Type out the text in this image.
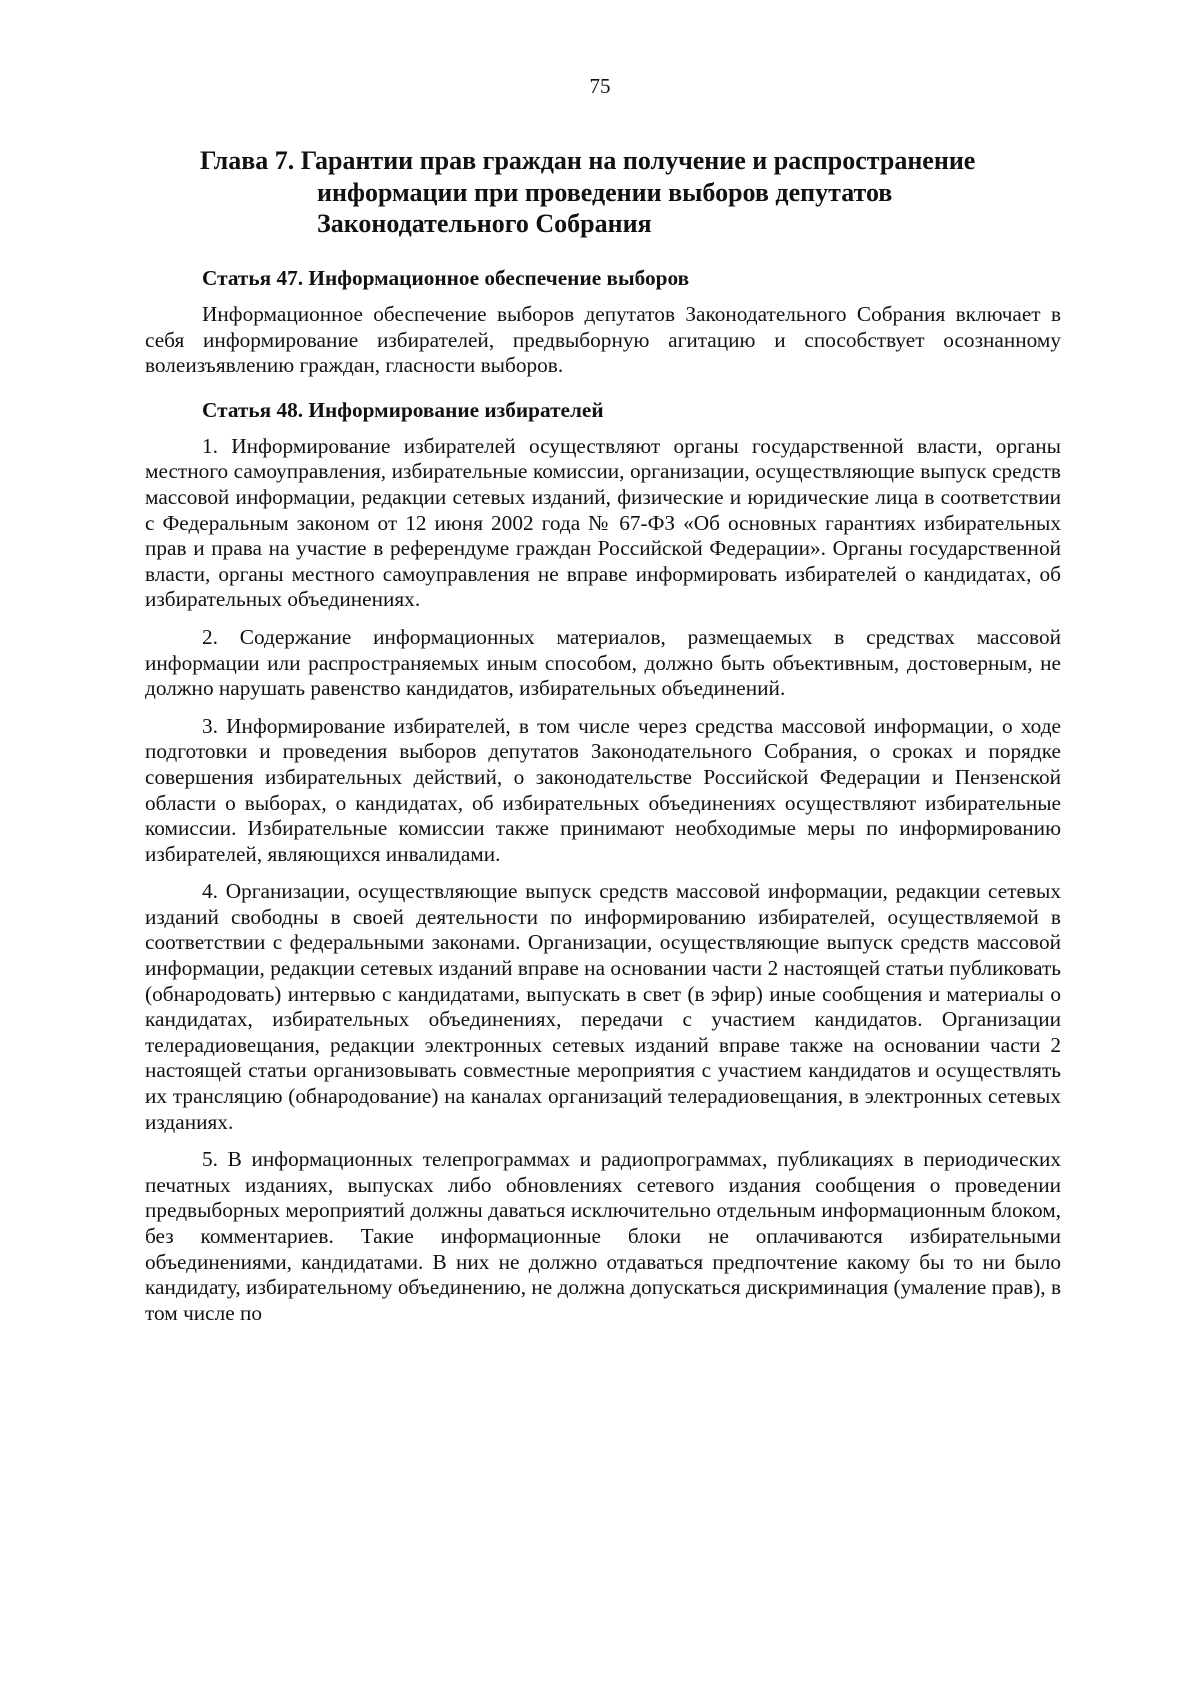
75
Глава 7. Гарантии прав граждан на получение и распространение
информации при проведении выборов депутатов
Законодательного Собрания

Статья 47. Информационное обеспечение выборов

Информационное обеспечение выборов депутатов Законодательного Собрания включает в себя информирование избирателей, предвыборную агитацию и способствует осознанному волеизъявлению граждан, гласности выборов.

Статья 48. Информирование избирателей

1. Информирование избирателей осуществляют органы государственной власти, органы местного самоуправления, избирательные комиссии, организации, осуществляющие выпуск средств массовой информации, редакции сетевых изданий, физические и юридические лица в соответствии с Федеральным законом от 12 июня 2002 года № 67-ФЗ «Об основных гарантиях избирательных прав и права на участие в референдуме граждан Российской Федерации». Органы государственной власти, органы местного самоуправления не вправе информировать избирателей о кандидатах, об избирательных объединениях.

2. Содержание информационных материалов, размещаемых в средствах массовой информации или распространяемых иным способом, должно быть объективным, достоверным, не должно нарушать равенство кандидатов, избирательных объединений.

3. Информирование избирателей, в том числе через средства массовой информации, о ходе подготовки и проведения выборов депутатов Законодательного Собрания, о сроках и порядке совершения избирательных действий, о законодательстве Российской Федерации и Пензенской области о выборах, о кандидатах, об избирательных объединениях осуществляют избирательные комиссии. Избирательные комиссии также принимают необходимые меры по информированию избирателей, являющихся инвалидами.

4. Организации, осуществляющие выпуск средств массовой информации, редакции сетевых изданий свободны в своей деятельности по информированию избирателей, осуществляемой в соответствии с федеральными законами. Организации, осуществляющие выпуск средств массовой информации, редакции сетевых изданий вправе на основании части 2 настоящей статьи публиковать (обнародовать) интервью с кандидатами, выпускать в свет (в эфир) иные сообщения и материалы о кандидатах, избирательных объединениях, передачи с участием кандидатов. Организации телерадиовещания, редакции электронных сетевых изданий вправе также на основании части 2 настоящей статьи организовывать совместные мероприятия с участием кандидатов и осуществлять их трансляцию (обнародование) на каналах организаций телерадиовещания, в электронных сетевых изданиях.

5. В информационных телепрограммах и радиопрограммах, публикациях в периодических печатных изданиях, выпусках либо обновлениях сетевого издания сообщения о проведении предвыборных мероприятий должны даваться исключительно отдельным информационным блоком, без комментариев. Такие информационные блоки не оплачиваются избирательными объединениями, кандидатами. В них не должно отдаваться предпочтение какому бы то ни было кандидату, избирательному объединению, не должна допускаться дискриминация (умаление прав), в том числе по
